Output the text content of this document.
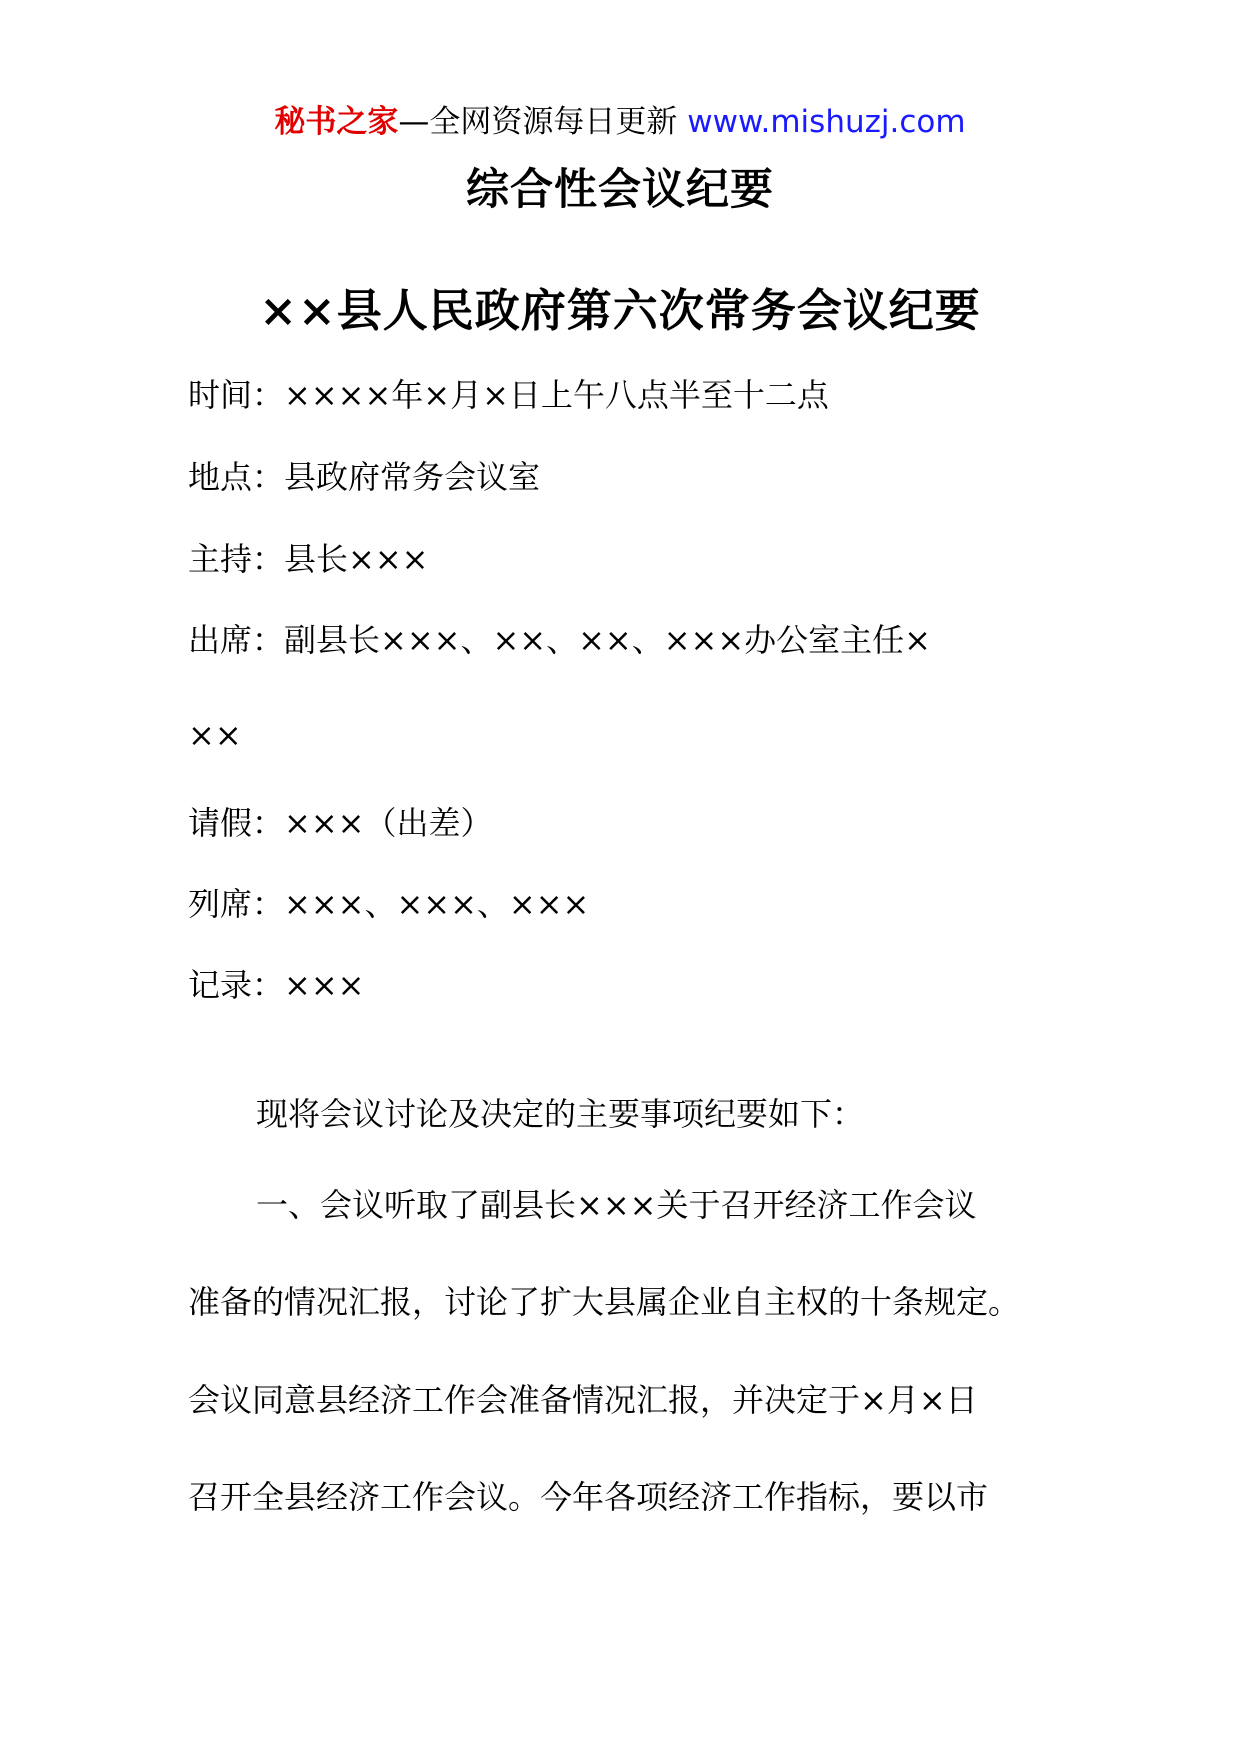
秘书之家—全网资源每日更新 www.mishuzj.com
综合性会议纪要
××县人民政府第六次常务会议纪要
时间：××××年×月×日上午八点半至十二点
地点：县政府常务会议室
主持：县长×××
出席：副县长×××、××、××、×××办公室主任×
××
请假：×××（出差）
列席：×××、×××、×××
记录：×××
现将会议讨论及决定的主要事项纪要如下：
一、会议听取了副县长×××关于召开经济工作会议
准备的情况汇报，讨论了扩大县属企业自主权的十条规定。
会议同意县经济工作会准备情况汇报，并决定于×月×日
召开全县经济工作会议。今年各项经济工作指标，要以市
